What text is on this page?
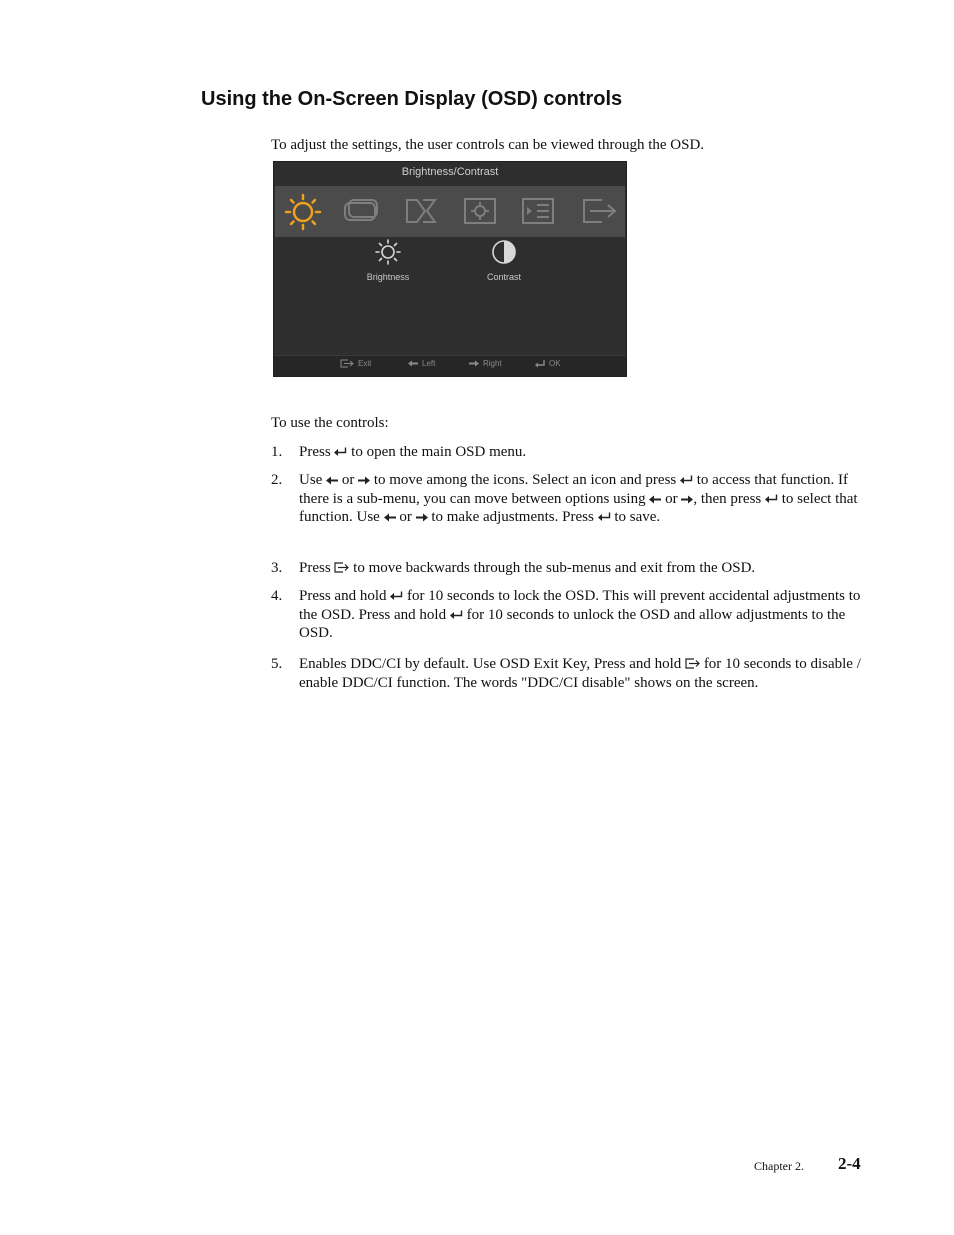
Using the On-Screen Display (OSD) controls
To adjust the settings, the user controls can be viewed through the OSD.
Brightness/Contrast
Brightness	Contrast
Exit	Left	Right	OK
To use the controls:
1. Press to open the main OSD menu.
2. Use or to move among the icons. Select an icon and press to access that function. If there is a sub-menu, you can move between options using or , then press to select that function. Use or to make adjustments. Press to save.
3. Press to move backwards through the sub-menus and exit from the OSD.
4. Press and hold for 10 seconds to lock the OSD. This will prevent accidental adjustments to the OSD. Press and hold for 10 seconds to unlock the OSD and allow adjustments to the OSD.
5. Enables DDC/CI by default. Use OSD Exit Key, Press and hold for 10 seconds to disable / enable DDC/CI function. The words "DDC/CI disable" shows on the screen.
Chapter 2. 2-4
